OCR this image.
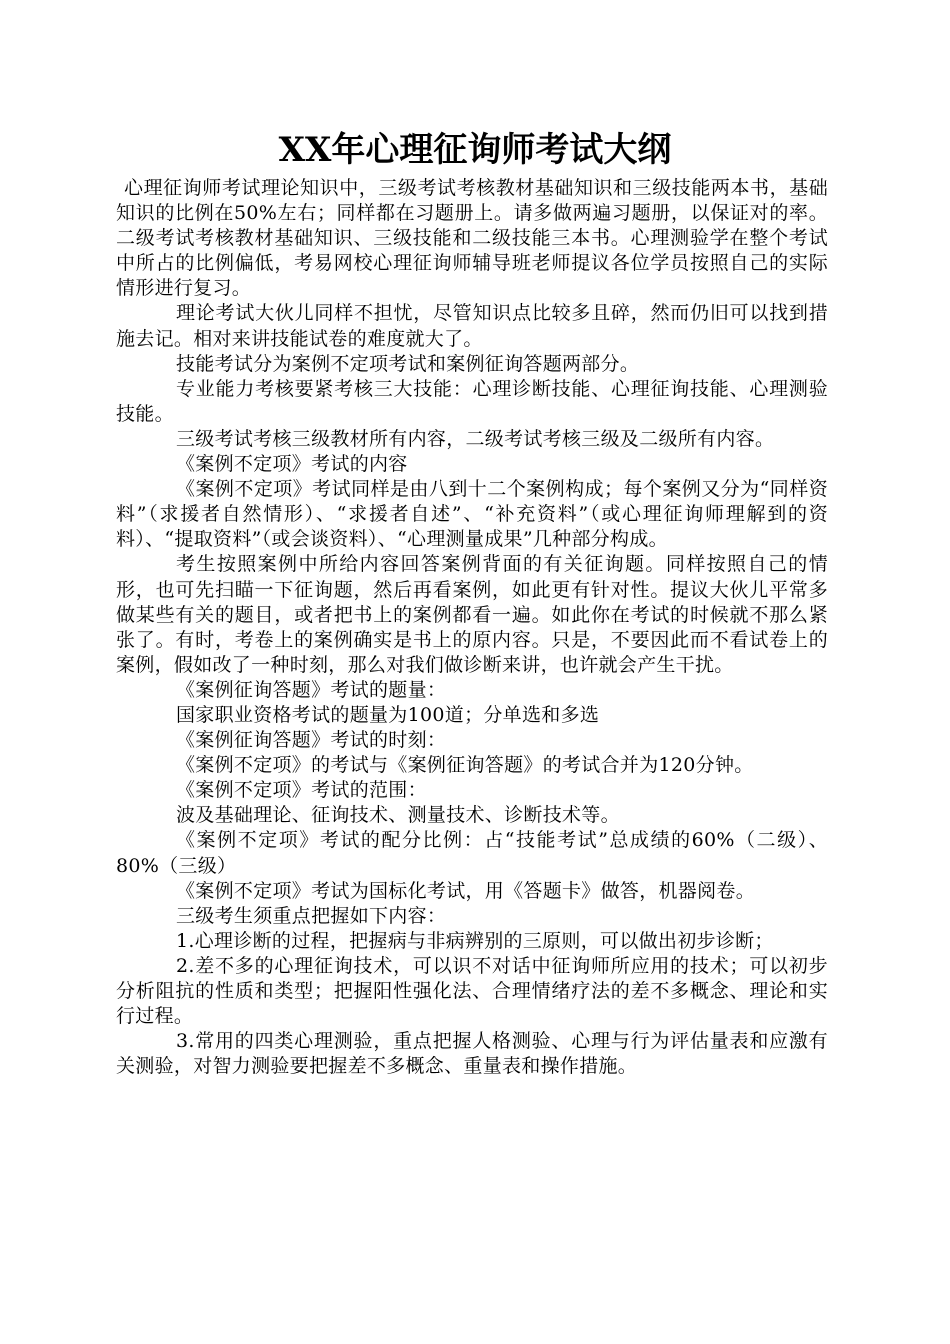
XX年心理征询师考试大纲

心理征询师考试理论知识中，三级考试考核教材基础知识和三级技能两本书，基础知识的比例在50%左右；同样都在习题册上。请多做两遍习题册，以保证对的率。二级考试考核教材基础知识、三级技能和二级技能三本书。心理测验学在整个考试中所占的比例偏低，考易网校心理征询师辅导班老师提议各位学员按照自己的实际情形进行复习。

理论考试大伙儿同样不担忧，尽管知识点比较多且碎，然而仍旧可以找到措施去记。相对来讲技能试卷的难度就大了。

技能考试分为案例不定项考试和案例征询答题两部分。

专业能力考核要紧考核三大技能：心理诊断技能、心理征询技能、心理测验技能。

三级考试考核三级教材所有内容，二级考试考核三级及二级所有内容。

《案例不定项》考试的内容

《案例不定项》考试同样是由八到十二个案例构成；每个案例又分为“同样资料”（求援者自然情形）、“求援者自述”、“补充资料”（或心理征询师理解到的资料）、“提取资料”（或会谈资料）、“心理测量成果”几种部分构成。

考生按照案例中所给内容回答案例背面的有关征询题。同样按照自己的情形，也可先扫瞄一下征询题，然后再看案例，如此更有针对性。提议大伙儿平常多做某些有关的题目，或者把书上的案例都看一遍。如此你在考试的时候就不那么紧张了。有时，考卷上的案例确实是书上的原内容。只是，不要因此而不看试卷上的案例，假如改了一种时刻，那么对我们做诊断来讲，也许就会产生干扰。

《案例征询答题》考试的题量：

国家职业资格考试的题量为100道；分单选和多选

《案例征询答题》考试的时刻：

《案例不定项》的考试与《案例征询答题》的考试合并为120分钟。

《案例不定项》考试的范围：

波及基础理论、征询技术、测量技术、诊断技术等。

《案例不定项》考试的配分比例：占“技能考试”总成绩的60%（二级）、80%（三级）

《案例不定项》考试为国标化考试，用《答题卡》做答，机器阅卷。

三级考生须重点把握如下内容：

1.心理诊断的过程，把握病与非病辨别的三原则，可以做出初步诊断；

2.差不多的心理征询技术，可以识不对话中征询师所应用的技术；可以初步分析阻抗的性质和类型；把握阳性强化法、合理情绪疗法的差不多概念、理论和实行过程。

3.常用的四类心理测验，重点把握人格测验、心理与行为评估量表和应激有关测验，对智力测验要把握差不多概念、重量表和操作措施。
